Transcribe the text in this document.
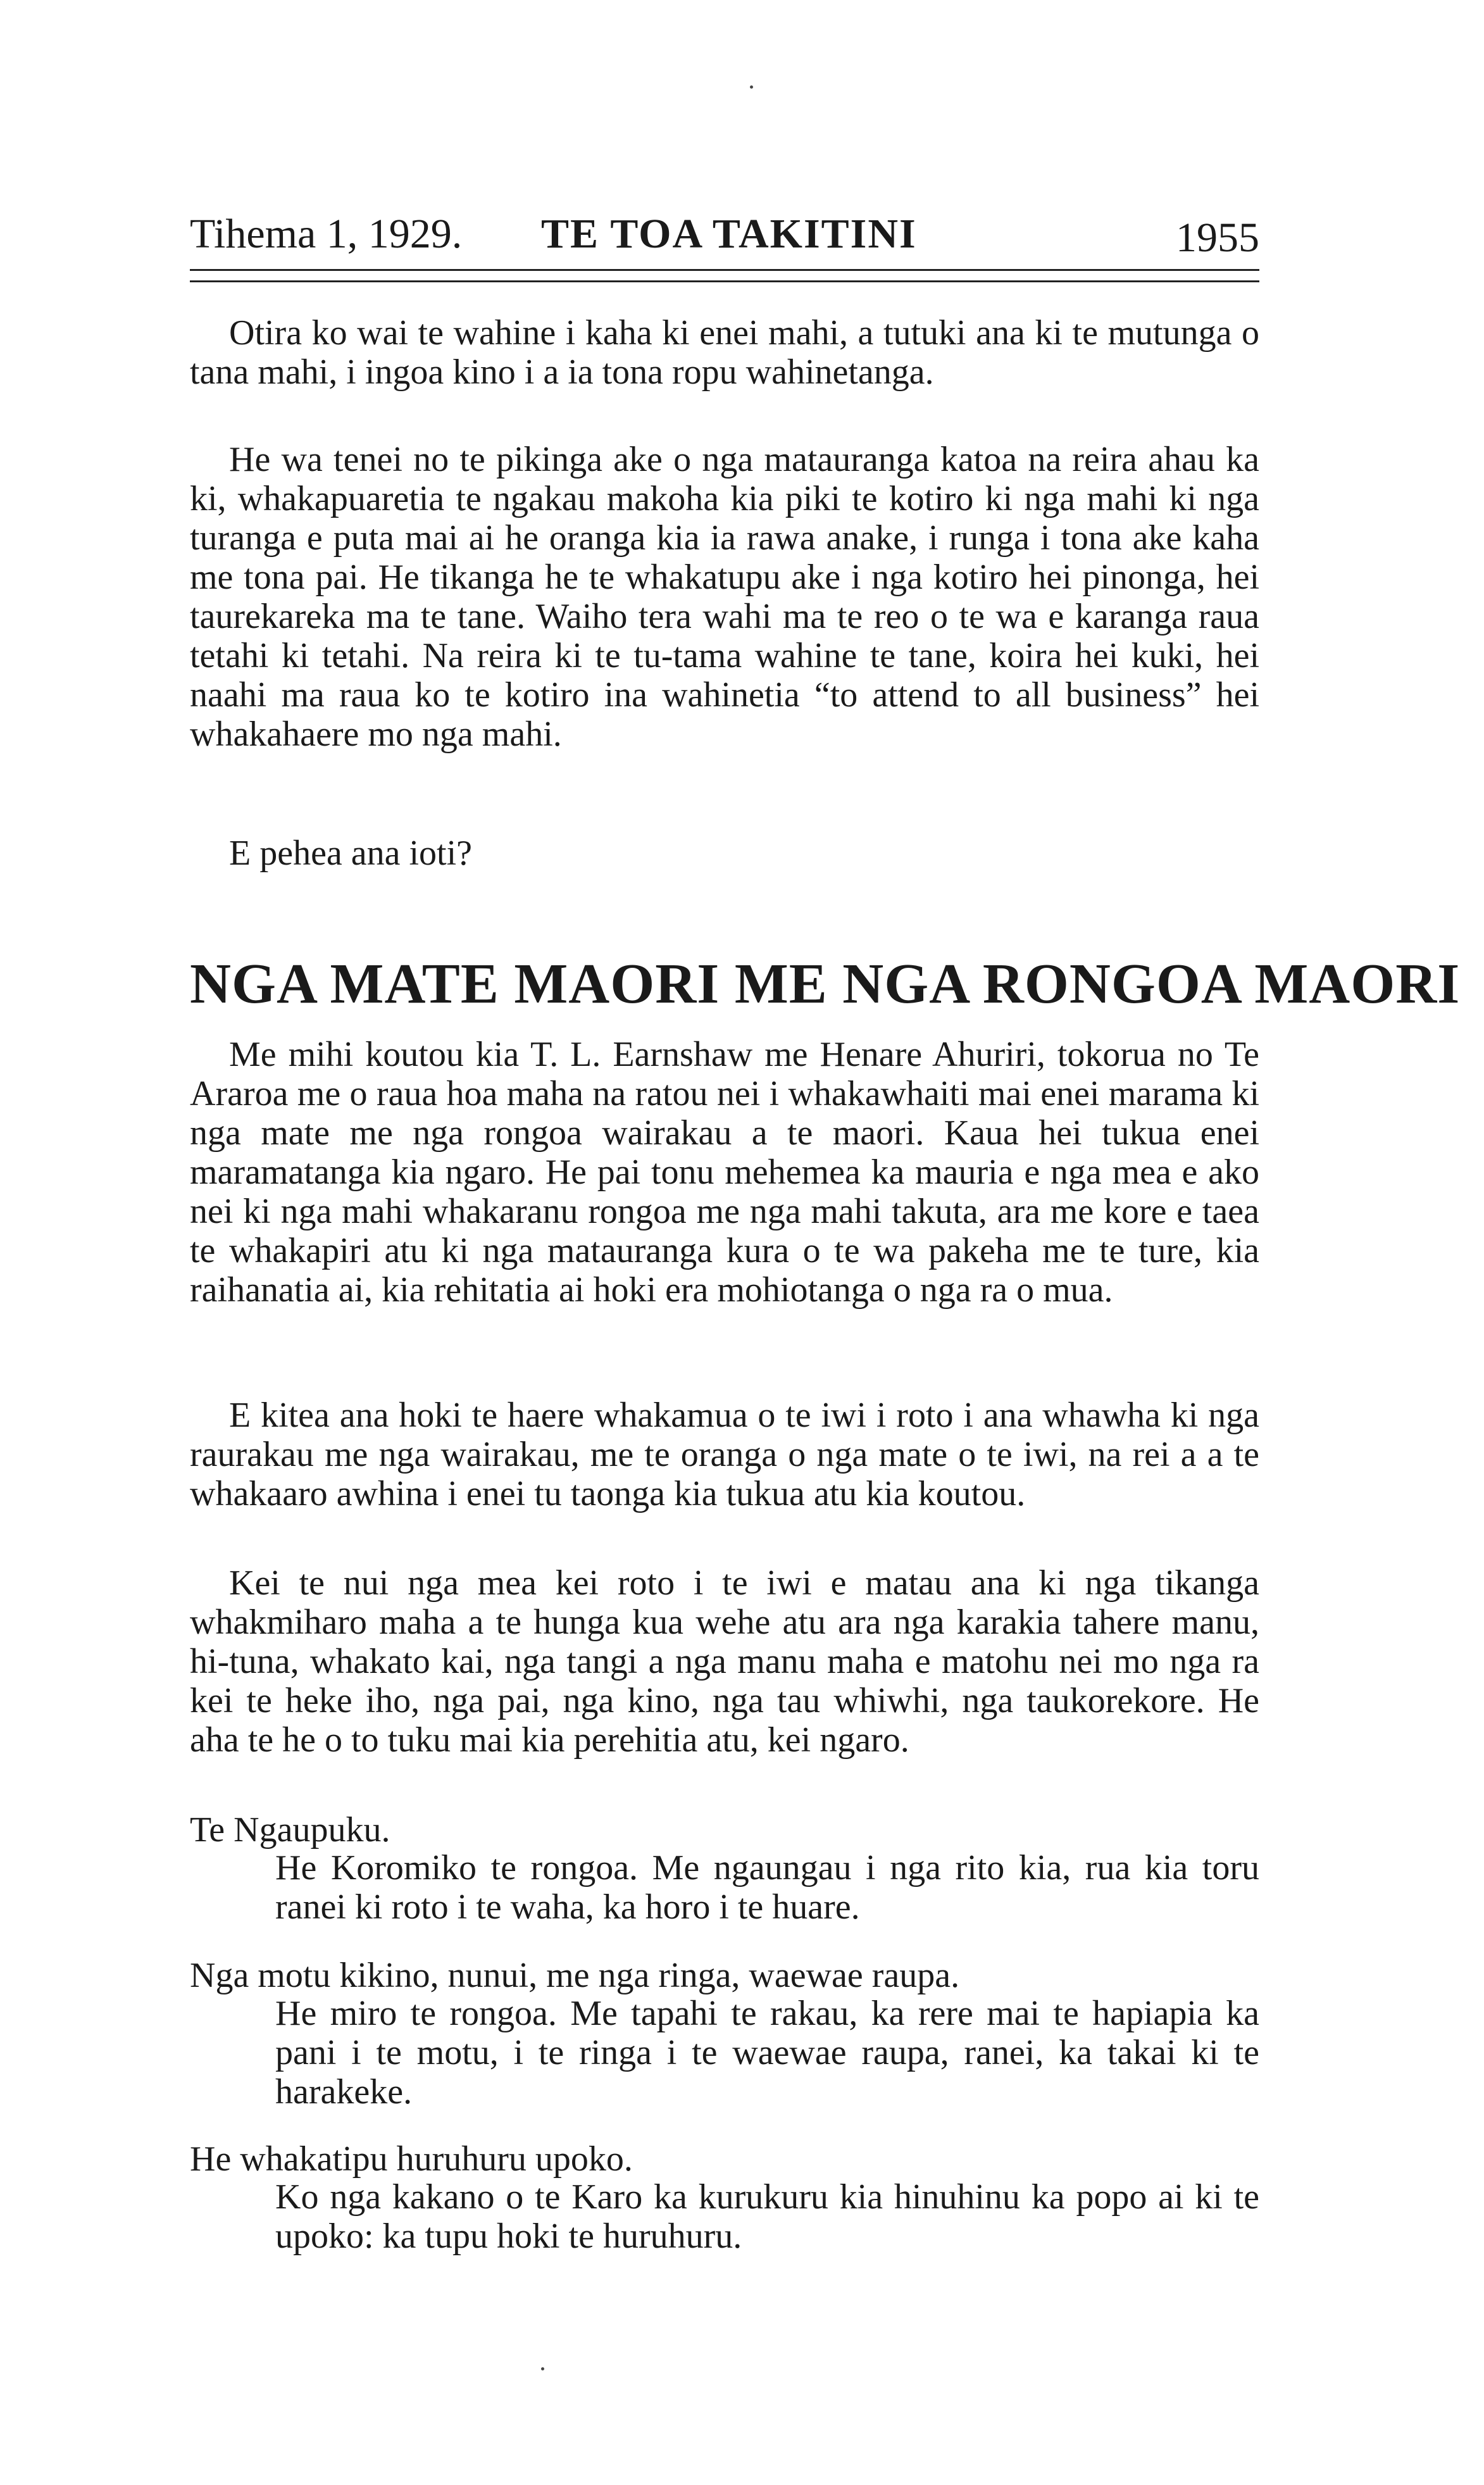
Tihema 1, 1929. TE TOA TAKITINI	1955

Otira ko wai te wahine i kaha ki enei mahi, a tutuki ana ki te mutunga o tana mahi, i ingoa kino i a ia tona ropu wahinetanga.

He wa tenei no te pikinga ake o nga matauranga katoa na reira ahau ka ki, whakapuaretia te ngakau makoha kia piki te kotiro ki nga mahi ki nga turanga e puta mai ai he oranga kia ia rawa anake, i runga i tona ake kaha me tona pai. He tikanga he te whakatupu ake i nga kotiro hei pinonga, hei taurekareka ma te tane. Waiho tera wahi ma te reo o te wa e karanga raua tetahi ki tetahi. Na reira ki te tu-tama wahine te tane, koira hei kuki, hei naahi ma raua ko te kotiro ina wahinetia “to attend to all business” hei whakahaere mo nga mahi.

E pehea ana ioti?

NGA MATE MAORI ME NGA RONGOA MAORI

Me mihi koutou kia T. L. Earnshaw me Henare Ahuriri, tokorua no Te Araroa me o raua hoa maha na ratou nei i whakawhaiti mai enei marama ki nga mate me nga rongoa wairakau a te maori. Kaua hei tukua enei maramatanga kia ngaro. He pai tonu mehemea ka mauria e nga mea e ako nei ki nga mahi whakaranu rongoa me nga mahi takuta, ara me kore e taea te whakapiri atu ki nga matauranga kura o te wa pakeha me te ture, kia raihanatia ai, kia rehitatia ai hoki era mohiotanga o nga ra o mua.

E kitea ana hoki te haere whakamua o te iwi i roto i ana whawha ki nga raurakau me nga wairakau, me te oranga o nga mate o te iwi, na rei a a te whakaaro awhina i enei tu taonga kia tukua atu kia koutou.

Kei te nui nga mea kei roto i te iwi e matau ana ki nga tikanga whakmiharo maha a te hunga kua wehe atu ara nga karakia tahere manu, hi-tuna, whakato kai, nga tangi a nga manu maha e matohu nei mo nga ra kei te heke iho, nga pai, nga kino, nga tau whiwhi, nga taukorekore. He aha te he o to tuku mai kia perehitia atu, kei ngaro.

Te Ngaupuku.

He Koromiko te rongoa. Me ngaungau i nga rito kia, rua kia toru ranei ki roto i te waha, ka horo i te huare.

Nga motu kikino, nunui, me nga ringa, waewae raupa.

He miro te rongoa. Me tapahi te rakau, ka rere mai te hapiapia ka pani i te motu, i te ringa i te waewae raupa, ranei, ka takai ki te harakeke.

He whakatipu huruhuru upoko.

Ko nga kakano o te Karo ka kurukuru kia hinuhinu ka popo ai ki te upoko: ka tupu hoki te huruhuru.
